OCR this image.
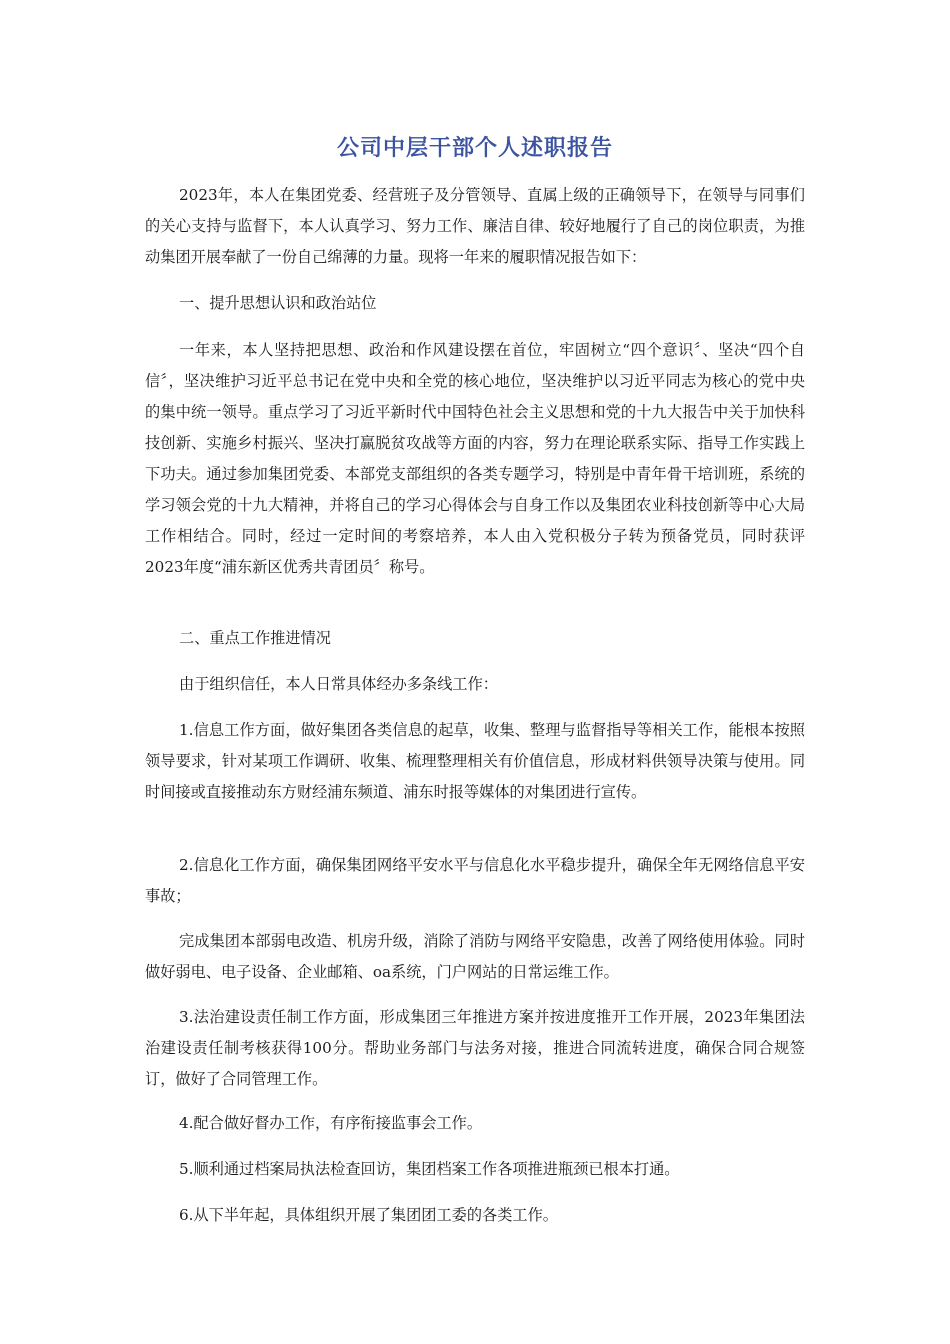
公司中层干部个人述职报告

2023年，本人在集团党委、经营班子及分管领导、直属上级的正确领导下，在领导与同事们的关心支持与监督下，本人认真学习、努力工作、廉洁自律、较好地履行了自己的岗位职责，为推动集团开展奉献了一份自己绵薄的力量。现将一年来的履职情况报告如下：

一、提升思想认识和政治站位

一年来，本人坚持把思想、政治和作风建设摆在首位，牢固树立“四个意识〞、坚决“四个自信〞，坚决维护习近平总书记在党中央和全党的核心地位，坚决维护以习近平同志为核心的党中央的集中统一领导。重点学习了习近平新时代中国特色社会主义思想和党的十九大报告中关于加快科技创新、实施乡村振兴、坚决打赢脱贫攻战等方面的内容，努力在理论联系实际、指导工作实践上下功夫。通过参加集团党委、本部党支部组织的各类专题学习，特别是中青年骨干培训班，系统的学习领会党的十九大精神，并将自己的学习心得体会与自身工作以及集团农业科技创新等中心大局工作相结合。同时，经过一定时间的考察培养，本人由入党积极分子转为预备党员，同时获评2023年度“浦东新区优秀共青团员〞称号。

二、重点工作推进情况

由于组织信任，本人日常具体经办多条线工作：

1.信息工作方面，做好集团各类信息的起草，收集、整理与监督指导等相关工作，能根本按照领导要求，针对某项工作调研、收集、梳理整理相关有价值信息，形成材料供领导决策与使用。同时间接或直接推动东方财经浦东频道、浦东时报等媒体的对集团进行宣传。

2.信息化工作方面，确保集团网络平安水平与信息化水平稳步提升，确保全年无网络信息平安事故；

完成集团本部弱电改造、机房升级，消除了消防与网络平安隐患，改善了网络使用体验。同时做好弱电、电子设备、企业邮箱、oa系统，门户网站的日常运维工作。

3.法治建设责任制工作方面，形成集团三年推进方案并按进度推开工作开展，2023年集团法治建设责任制考核获得100分。帮助业务部门与法务对接，推进合同流转进度，确保合同合规签订，做好了合同管理工作。

4.配合做好督办工作，有序衔接监事会工作。

5.顺利通过档案局执法检查回访，集团档案工作各项推进瓶颈已根本打通。

6.从下半年起，具体组织开展了集团团工委的各类工作。
